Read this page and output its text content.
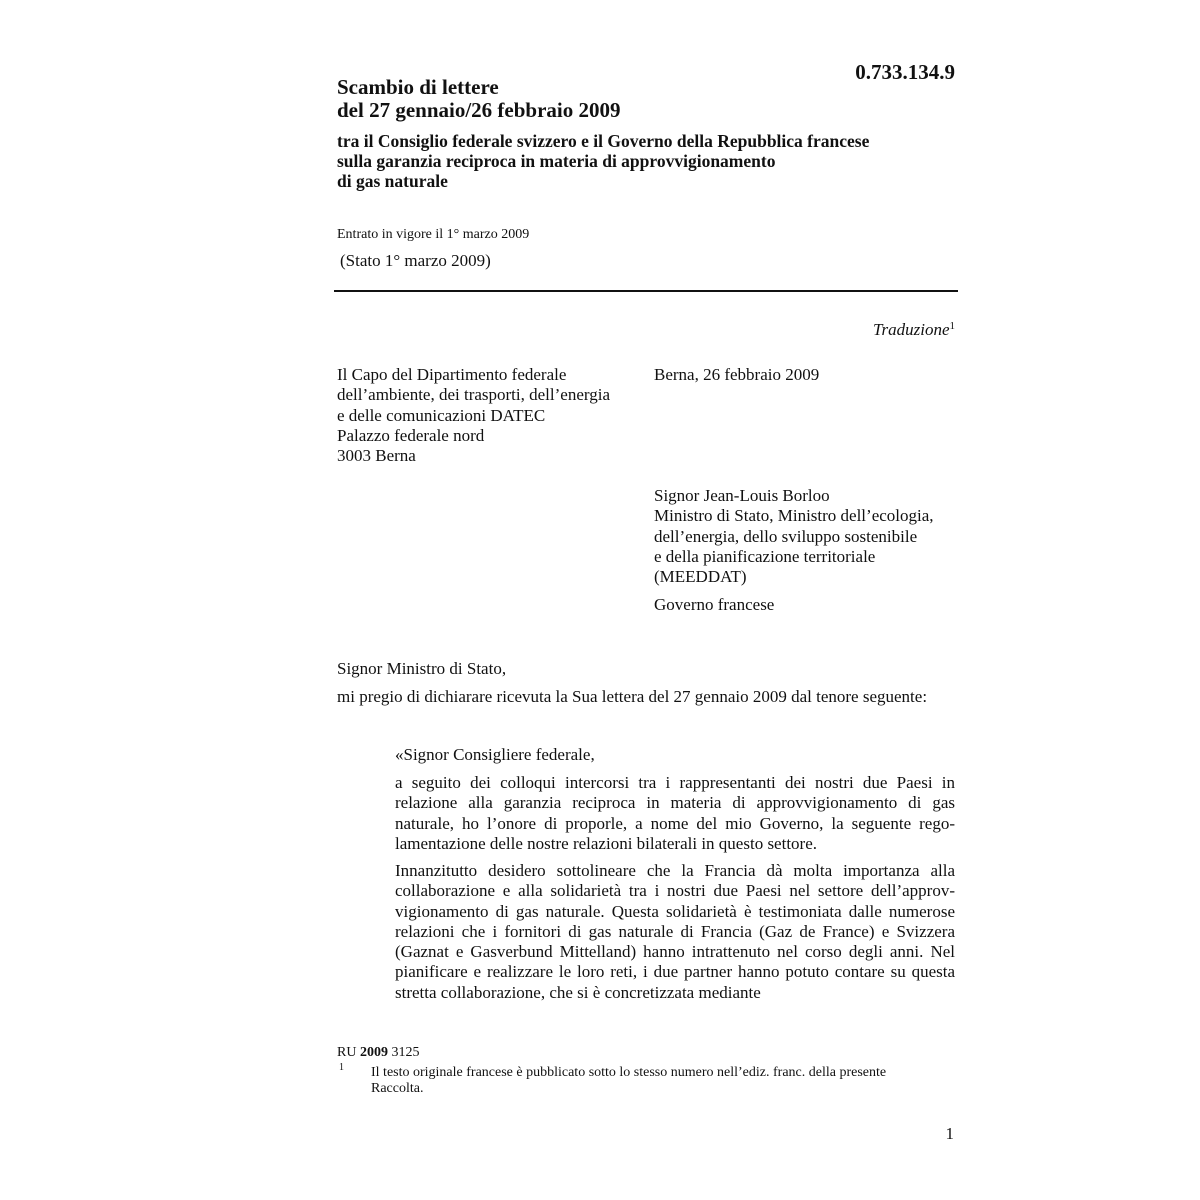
0.733.134.9
Scambio di lettere
del 27 gennaio/26 febbraio 2009
tra il Consiglio federale svizzero e il Governo della Repubblica francese
sulla garanzia reciproca in materia di approvvigionamento
di gas naturale
Entrato in vigore il 1° marzo 2009
(Stato 1° marzo 2009)
Traduzione$^1$
Il Capo del Dipartimento federale
dell’ambiente, dei trasporti, dell’energia
e delle comunicazioni DATEC
Palazzo federale nord
3003 Berna
Berna, 26 febbraio 2009
Signor Jean-Louis Borloo
Ministro di Stato, Ministro dell’ecologia,
dell’energia, dello sviluppo sostenibile
e della pianificazione territoriale
(MEEDDAT)
Governo francese
Signor Ministro di Stato,
mi pregio di dichiarare ricevuta la Sua lettera del 27 gennaio 2009 dal tenore seguente:
«Signor Consigliere federale,
a seguito dei colloqui intercorsi tra i rappresentanti dei nostri due Paesi in relazione alla garanzia reciproca in materia di approvvigionamento di gas naturale, ho l’onore di proporle, a nome del mio Governo, la seguente regolamentazione delle nostre relazioni bilaterali in questo settore.
Innanzitutto desidero sottolineare che la Francia dà molta importanza alla collaborazione e alla solidarietà tra i nostri due Paesi nel settore dell’approvvigionamento di gas naturale. Questa solidarietà è testimoniata dalle numerose relazioni che i fornitori di gas naturale di Francia (Gaz de France) e Svizzera (Gaznat e Gasverbund Mittelland) hanno intrattenuto nel corso degli anni. Nel pianificare e realizzare le loro reti, i due partner hanno potuto contare su questa stretta collaborazione, che si è concretizzata mediante
RU 2009 3125
1 Il testo originale francese è pubblicato sotto lo stesso numero nell’ediz. franc. della presente Raccolta.
1
